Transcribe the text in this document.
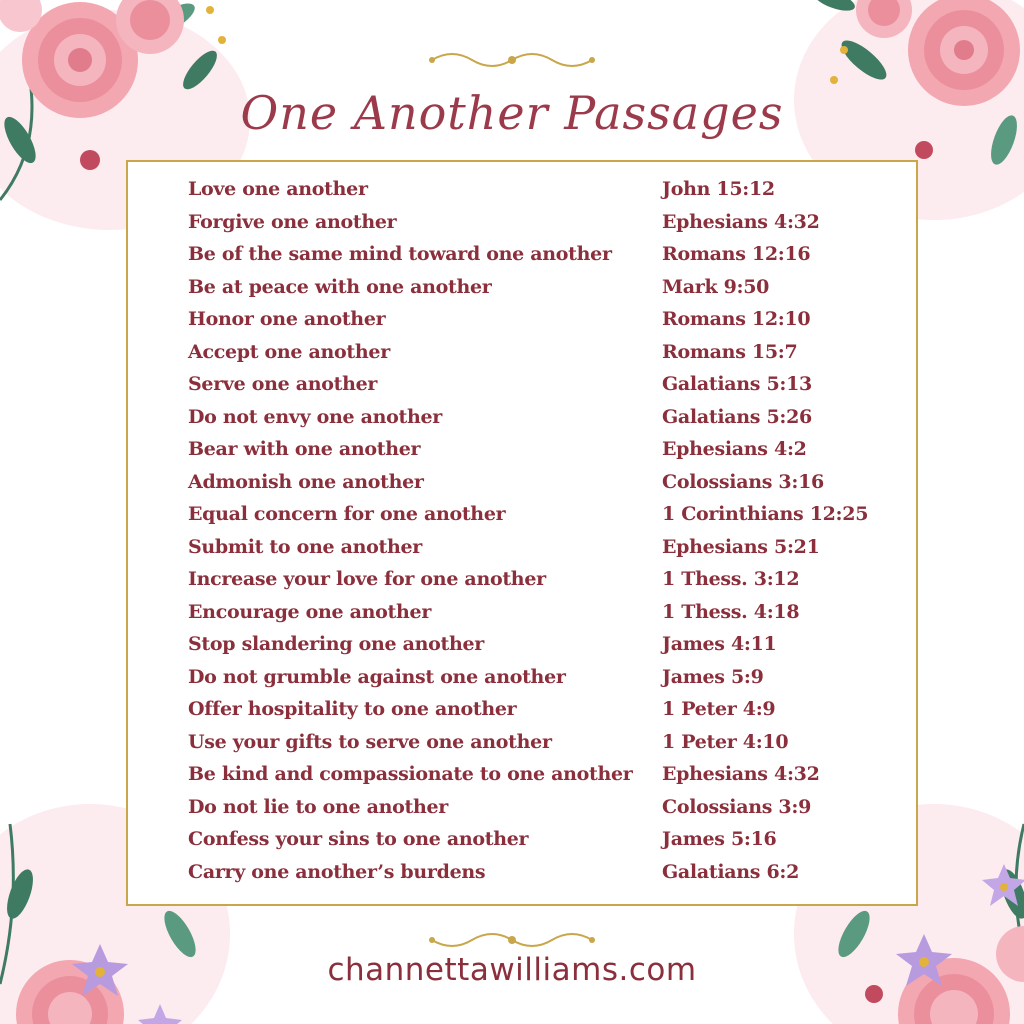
One Another Passages
Love one another	John 15:12
Forgive one another	Ephesians 4:32
Be of the same mind toward one another	Romans 12:16
Be at peace with one another	Mark 9:50
Honor one another	Romans 12:10
Accept one another	Romans 15:7
Serve one another	Galatians 5:13
Do not envy one another	Galatians 5:26
Bear with one another	Ephesians 4:2
Admonish one another	Colossians 3:16
Equal concern for one another	1 Corinthians 12:25
Submit to one another	Ephesians 5:21
Increase your love for one another	1 Thess. 3:12
Encourage one another	1 Thess. 4:18
Stop slandering one another	James 4:11
Do not grumble against one another	James 5:9
Offer hospitality to one another	1 Peter 4:9
Use your gifts to serve one another	1 Peter 4:10
Be kind and compassionate to one another Ephesians 4:32
Do not lie to one another	Colossians 3:9
Confess your sins to one another	James 5:16
Carry one another’s burdens	Galatians 6:2

channettawilliams.com
